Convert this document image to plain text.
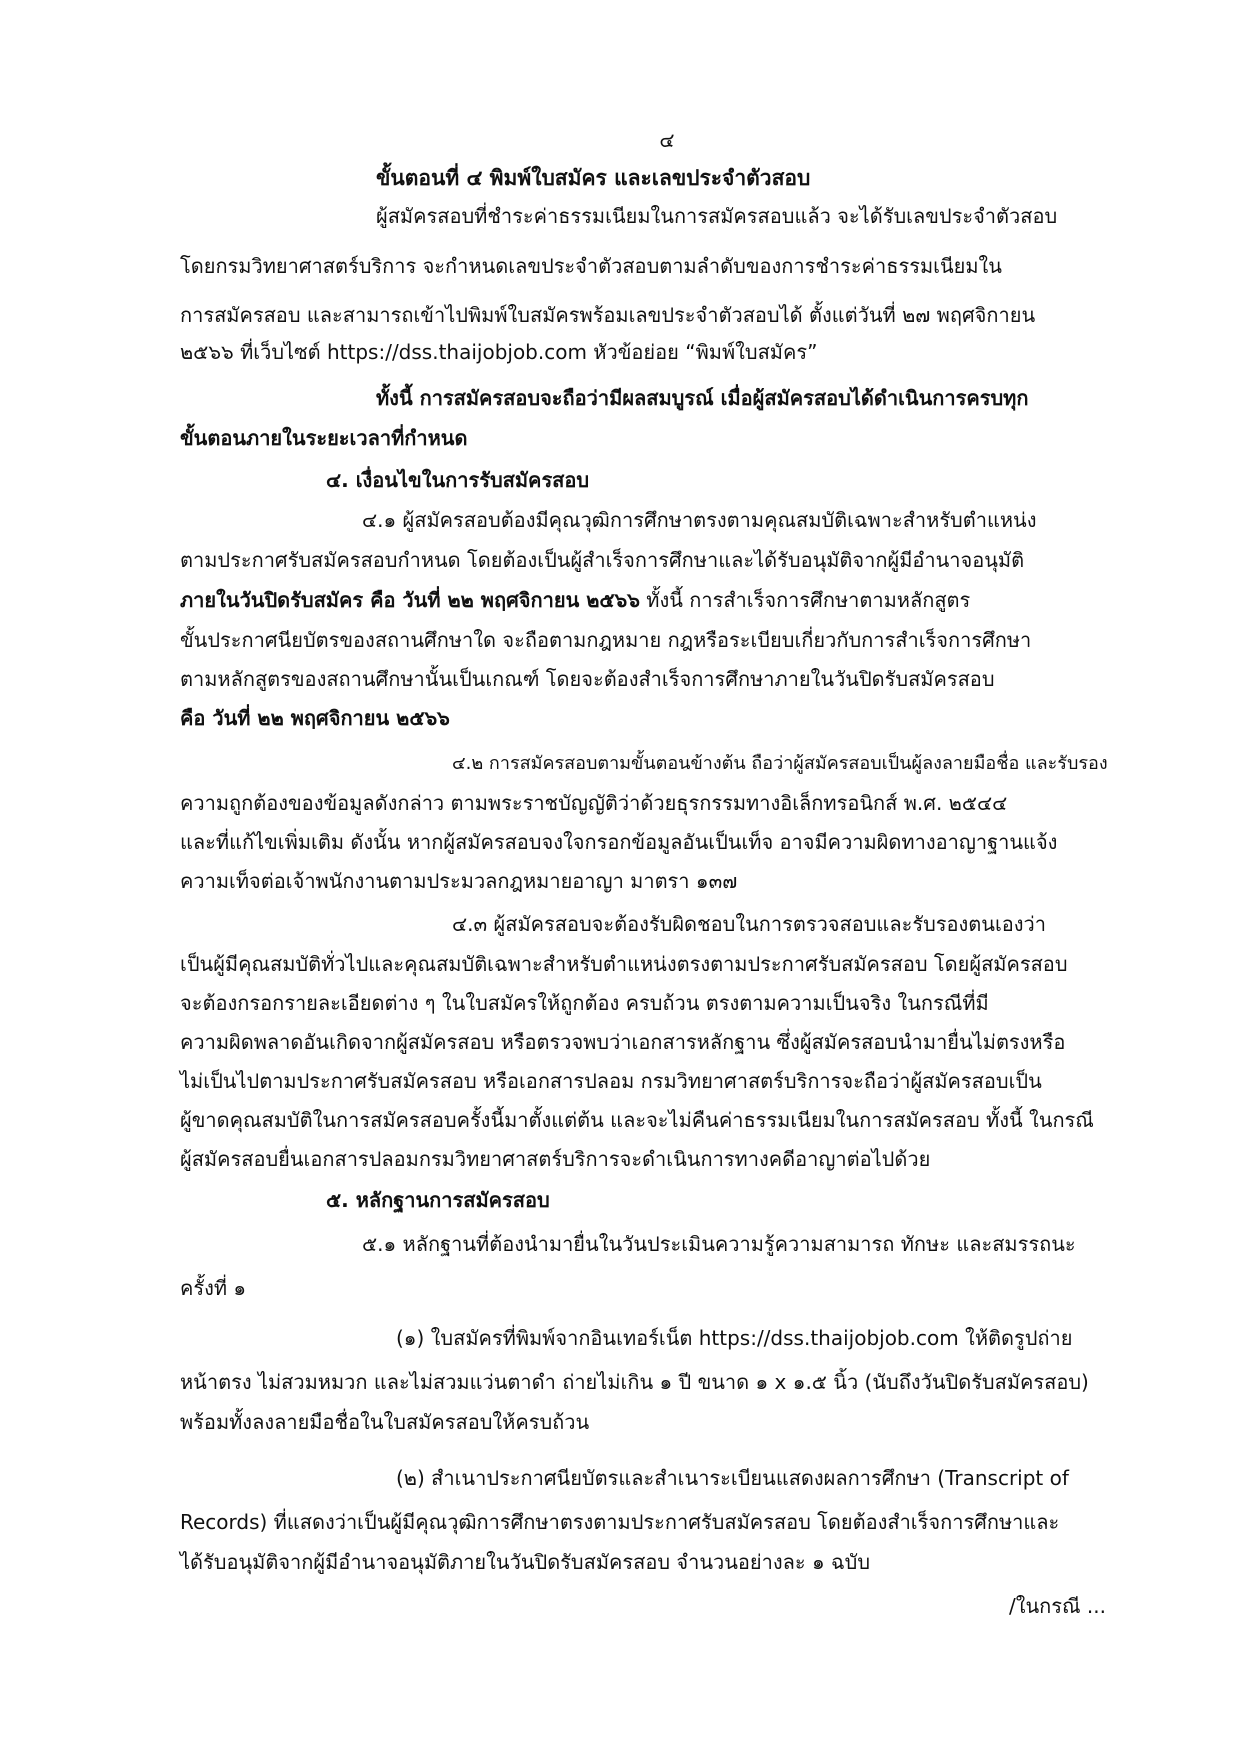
๔
ขั้นตอนที่ ๔ พิมพ์ใบสมัคร และเลขประจำตัวสอบ
ผู้สมัครสอบที่ชำระค่าธรรมเนียมในการสมัครสอบแล้ว จะได้รับเลขประจำตัวสอบ
โดยกรมวิทยาศาสตร์บริการ จะกำหนดเลขประจำตัวสอบตามลำดับของการชำระค่าธรรมเนียมใน
การสมัครสอบ และสามารถเข้าไปพิมพ์ใบสมัครพร้อมเลขประจำตัวสอบได้ ตั้งแต่วันที่ ๒๗ พฤศจิกายน
๒๕๖๖ ที่เว็บไซต์ https://dss.thaijobjob.com หัวข้อย่อย “พิมพ์ใบสมัคร”
ทั้งนี้ การสมัครสอบจะถือว่ามีผลสมบูรณ์ เมื่อผู้สมัครสอบได้ดำเนินการครบทุก
ขั้นตอนภายในระยะเวลาที่กำหนด
๔. เงื่อนไขในการรับสมัครสอบ
๔.๑ ผู้สมัครสอบต้องมีคุณวุฒิการศึกษาตรงตามคุณสมบัติเฉพาะสำหรับตำแหน่ง
ตามประกาศรับสมัครสอบกำหนด โดยต้องเป็นผู้สำเร็จการศึกษาและได้รับอนุมัติจากผู้มีอำนาจอนุมัติ
ภายในวันปิดรับสมัคร คือ วันที่ ๒๒ พฤศจิกายน ๒๕๖๖ ทั้งนี้ การสำเร็จการศึกษาตามหลักสูตร
ขั้นประกาศนียบัตรของสถานศึกษาใด จะถือตามกฎหมาย กฎหรือระเบียบเกี่ยวกับการสำเร็จการศึกษา
ตามหลักสูตรของสถานศึกษานั้นเป็นเกณฑ์ โดยจะต้องสำเร็จการศึกษาภายในวันปิดรับสมัครสอบ
คือ วันที่ ๒๒ พฤศจิกายน ๒๕๖๖
๔.๒ การสมัครสอบตามขั้นตอนข้างต้น ถือว่าผู้สมัครสอบเป็นผู้ลงลายมือชื่อ และรับรอง
ความถูกต้องของข้อมูลดังกล่าว ตามพระราชบัญญัติว่าด้วยธุรกรรมทางอิเล็กทรอนิกส์ พ.ศ. ๒๕๔๔
และที่แก้ไขเพิ่มเติม ดังนั้น หากผู้สมัครสอบจงใจกรอกข้อมูลอันเป็นเท็จ อาจมีความผิดทางอาญาฐานแจ้ง
ความเท็จต่อเจ้าพนักงานตามประมวลกฎหมายอาญา มาตรา ๑๓๗
๔.๓ ผู้สมัครสอบจะต้องรับผิดชอบในการตรวจสอบและรับรองตนเองว่า
เป็นผู้มีคุณสมบัติทั่วไปและคุณสมบัติเฉพาะสำหรับตำแหน่งตรงตามประกาศรับสมัครสอบ โดยผู้สมัครสอบ
จะต้องกรอกรายละเอียดต่าง ๆ ในใบสมัครให้ถูกต้อง ครบถ้วน ตรงตามความเป็นจริง ในกรณีที่มี
ความผิดพลาดอันเกิดจากผู้สมัครสอบ หรือตรวจพบว่าเอกสารหลักฐาน ซึ่งผู้สมัครสอบนำมายื่นไม่ตรงหรือ
ไม่เป็นไปตามประกาศรับสมัครสอบ หรือเอกสารปลอม กรมวิทยาศาสตร์บริการจะถือว่าผู้สมัครสอบเป็น
ผู้ขาดคุณสมบัติในการสมัครสอบครั้งนี้มาตั้งแต่ต้น และจะไม่คืนค่าธรรมเนียมในการสมัครสอบ ทั้งนี้ ในกรณี
ผู้สมัครสอบยื่นเอกสารปลอมกรมวิทยาศาสตร์บริการจะดำเนินการทางคดีอาญาต่อไปด้วย
๕. หลักฐานการสมัครสอบ
๕.๑ หลักฐานที่ต้องนำมายื่นในวันประเมินความรู้ความสามารถ ทักษะ และสมรรถนะ
ครั้งที่ ๑
(๑) ใบสมัครที่พิมพ์จากอินเทอร์เน็ต https://dss.thaijobjob.com ให้ติดรูปถ่าย
หน้าตรง ไม่สวมหมวก และไม่สวมแว่นตาดำ ถ่ายไม่เกิน ๑ ปี ขนาด ๑ x ๑.๕ นิ้ว (นับถึงวันปิดรับสมัครสอบ)
พร้อมทั้งลงลายมือชื่อในใบสมัครสอบให้ครบถ้วน
(๒) สำเนาประกาศนียบัตรและสำเนาระเบียนแสดงผลการศึกษา (Transcript of
Records) ที่แสดงว่าเป็นผู้มีคุณวุฒิการศึกษาตรงตามประกาศรับสมัครสอบ โดยต้องสำเร็จการศึกษาและ
ได้รับอนุมัติจากผู้มีอำนาจอนุมัติภายในวันปิดรับสมัครสอบ จำนวนอย่างละ ๑ ฉบับ
/ในกรณี ...
